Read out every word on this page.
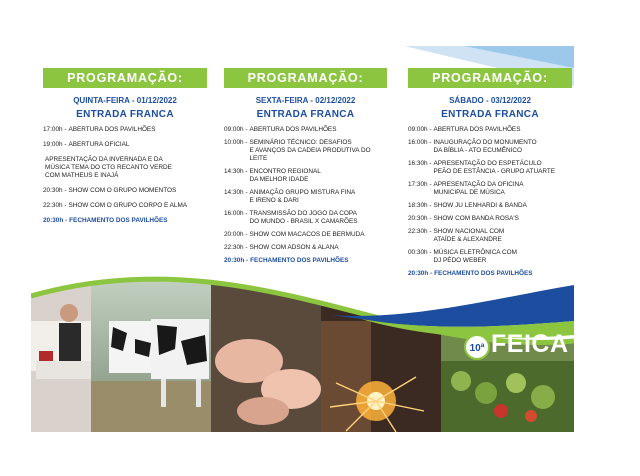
PROGRAMAÇÃO:
QUINTA-FEIRA - 01/12/2022
ENTRADA FRANCA
17:00h - ABERTURA DOS PAVILHÕES
19:00h - ABERTURA OFICIAL
APRESENTAÇÃO DA INVERNADA E DA
MÚSICA TEMA DO CTG RECANTO VERDE
COM MATHEUS E INAJÁ
20:30h - SHOW COM O GRUPO MOMENTOS
22:30h - SHOW COM O GRUPO CORPO E ALMA
20:30h - FECHAMENTO DOS PAVILHÕES
PROGRAMAÇÃO:
SEXTA-FEIRA - 02/12/2022
ENTRADA FRANCA
09:00h - ABERTURA DOS PAVILHÕES
10:00h - SEMINÁRIO TÉCNICO: DESAFIOS
E AVANÇOS DA CADEIA PRODUTIVA DO LEITE
14:30h - ENCONTRO REGIONAL
DA MELHOR IDADE
14:30h - ANIMAÇÃO GRUPO MISTURA FINA
E IRENO & DARI
16:00h - TRANSMISSÃO DO JOGO DA COPA
DO MUNDO - BRASIL X CAMARÕES
20:00h - SHOW COM MACACOS DE BERMUDA
22:30h - SHOW COM ADSON & ALANA
20:30h - FECHAMENTO DOS PAVILHÕES
PROGRAMAÇÃO:
SÁBADO - 03/12/2022
ENTRADA FRANCA
09:00h - ABERTURA DOS PAVILHÕES
16:00h - INAUGURAÇÃO DO MONUMENTO
DA BÍBLIA - ATO ECUMÊNICO
16:30h - APRESENTAÇÃO DO ESPETÁCULO
PEÃO DE ESTÂNCIA - GRUPO ATUARTE
17:30h - APRESENTAÇÃO DA OFICINA
MUNICIPAL DE MÚSICA
18:30h - SHOW JU LENHARDI & BANDA
20:30h - SHOW COM BANDA ROSA'S
22:30h - SHOW NACIONAL COM
ATAÍDE & ALEXANDRE
00:30h - MÚSICA ELETRÔNICA COM
DJ PÉDO WEBER
20:30h - FECHAMENTO DOS PAVILHÕES
10ª FEICA
